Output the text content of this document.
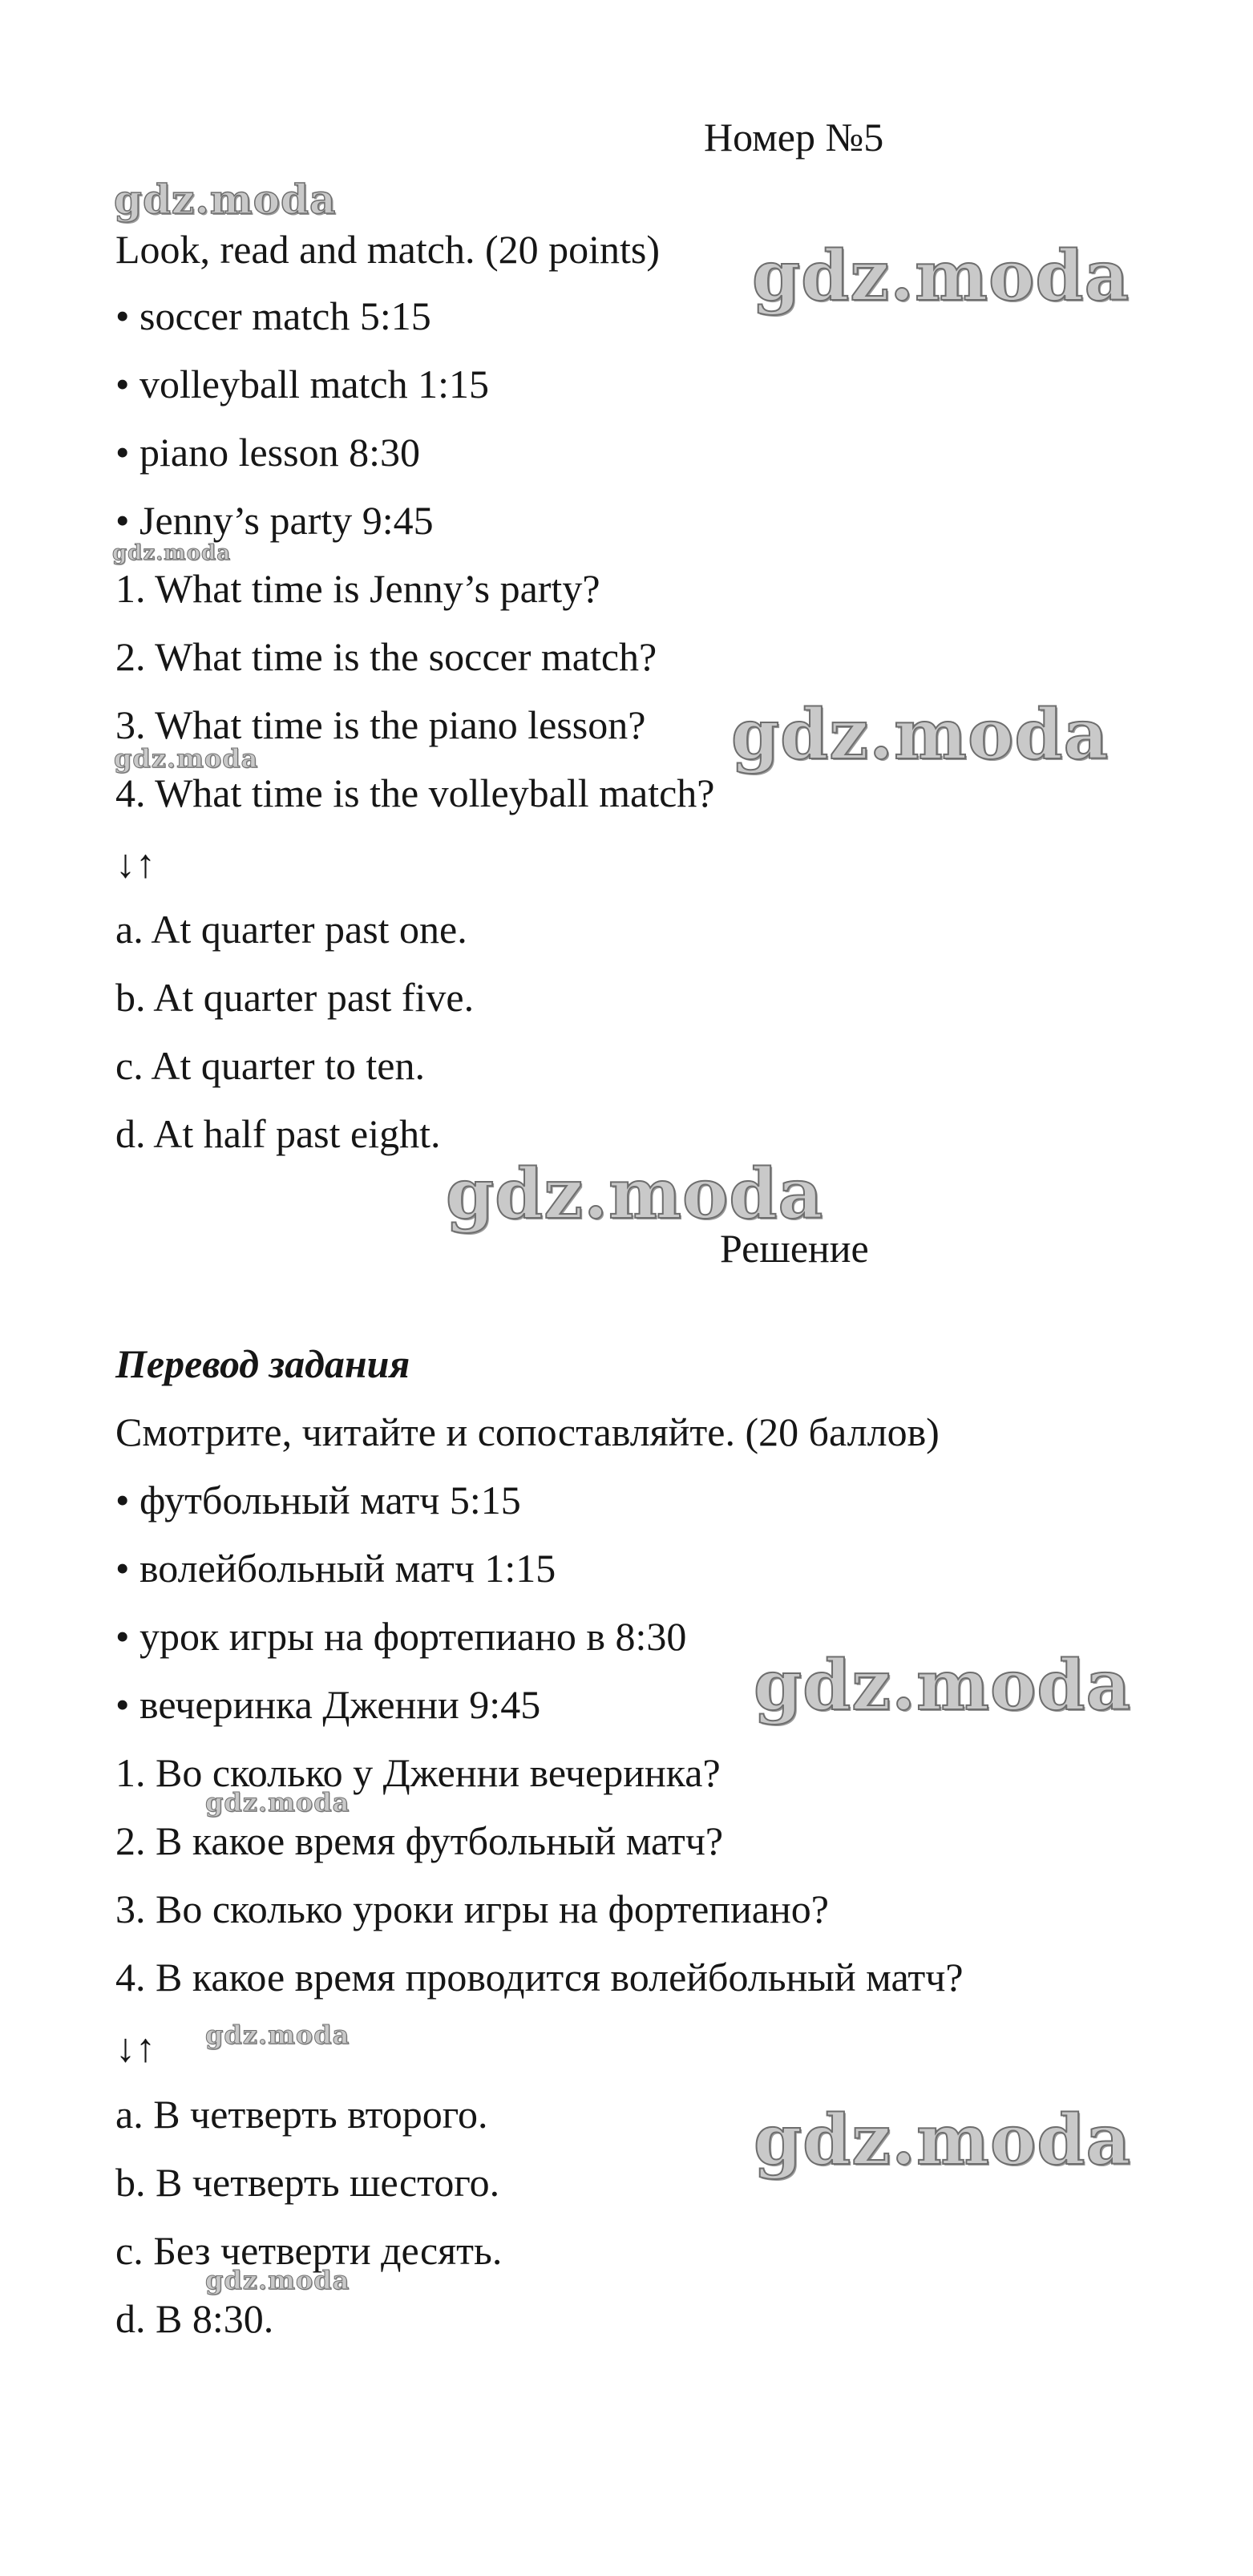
Номер №5
Look, read and match. (20 points)
• soccer match 5:15
• volleyball match 1:15
• piano lesson 8:30
• Jenny’s party 9:45
1. What time is Jenny’s party?
2. What time is the soccer match?
3. What time is the piano lesson?
4. What time is the volleyball match?
↓↑
a. At quarter past one.
b. At quarter past five.
c. At quarter to ten.
d. At half past eight.
Решение
Перевод задания
Смотрите, читайте и сопоставляйте. (20 баллов)
• футбольный матч 5:15
• волейбольный матч 1:15
• урок игры на фортепиано в 8:30
• вечеринка Дженни 9:45
1. Во сколько у Дженни вечеринка?
2. В какое время футбольный матч?
3. Во сколько уроки игры на фортепиано?
4. В какое время проводится волейбольный матч?
↓↑
a. В четверть второго.
b. В четверть шестого.
c. Без четверти десять.
d. В 8:30.
gdz.moda
gdz.moda
gdz.moda
gdz.moda
gdz.moda
gdz.moda
gdz.moda
gdz.moda
gdz.moda
gdz.moda
gdz.moda
